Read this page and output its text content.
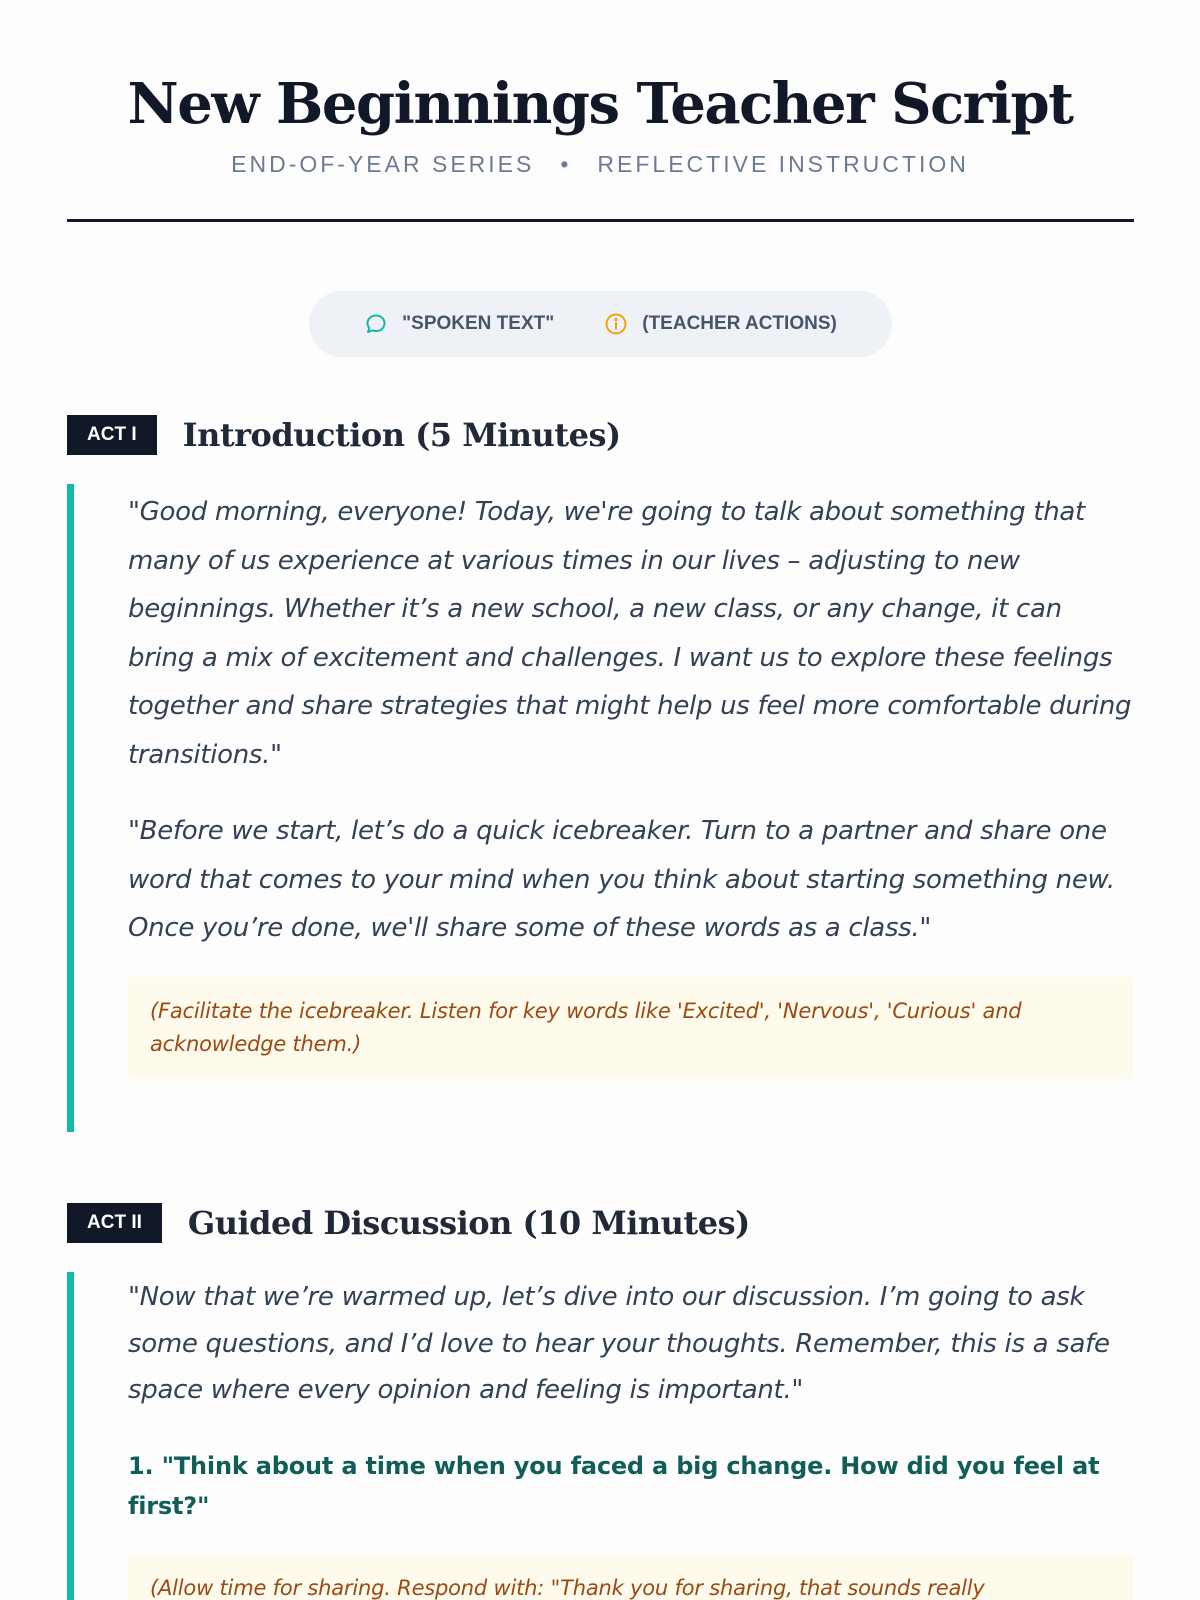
New Beginnings Teacher Script
END-OF-YEAR SERIES • REFLECTIVE INSTRUCTION
"SPOKEN TEXT"	(TEACHER ACTIONS)
ACT I	Introduction (5 Minutes)

"Good morning, everyone! Today, we're going to talk about something that many of us experience at various times in our lives – adjusting to new beginnings. Whether it’s a new school, a new class, or any change, it can bring a mix of excitement and challenges. I want us to explore these feelings together and share strategies that might help us feel more comfortable during transitions."

"Before we start, let’s do a quick icebreaker. Turn to a partner and share one word that comes to your mind when you think about starting something new. Once you’re done, we'll share some of these words as a class."

(Facilitate the icebreaker. Listen for key words like 'Excited', 'Nervous', 'Curious' and acknowledge them.)
ACT II	Guided Discussion (10 Minutes)

"Now that we’re warmed up, let’s dive into our discussion. I’m going to ask some questions, and I’d love to hear your thoughts. Remember, this is a safe space where every opinion and feeling is important."

1. "Think about a time when you faced a big change. How did you feel at first?"

(Allow time for sharing. Respond with: "Thank you for sharing, that sounds really
